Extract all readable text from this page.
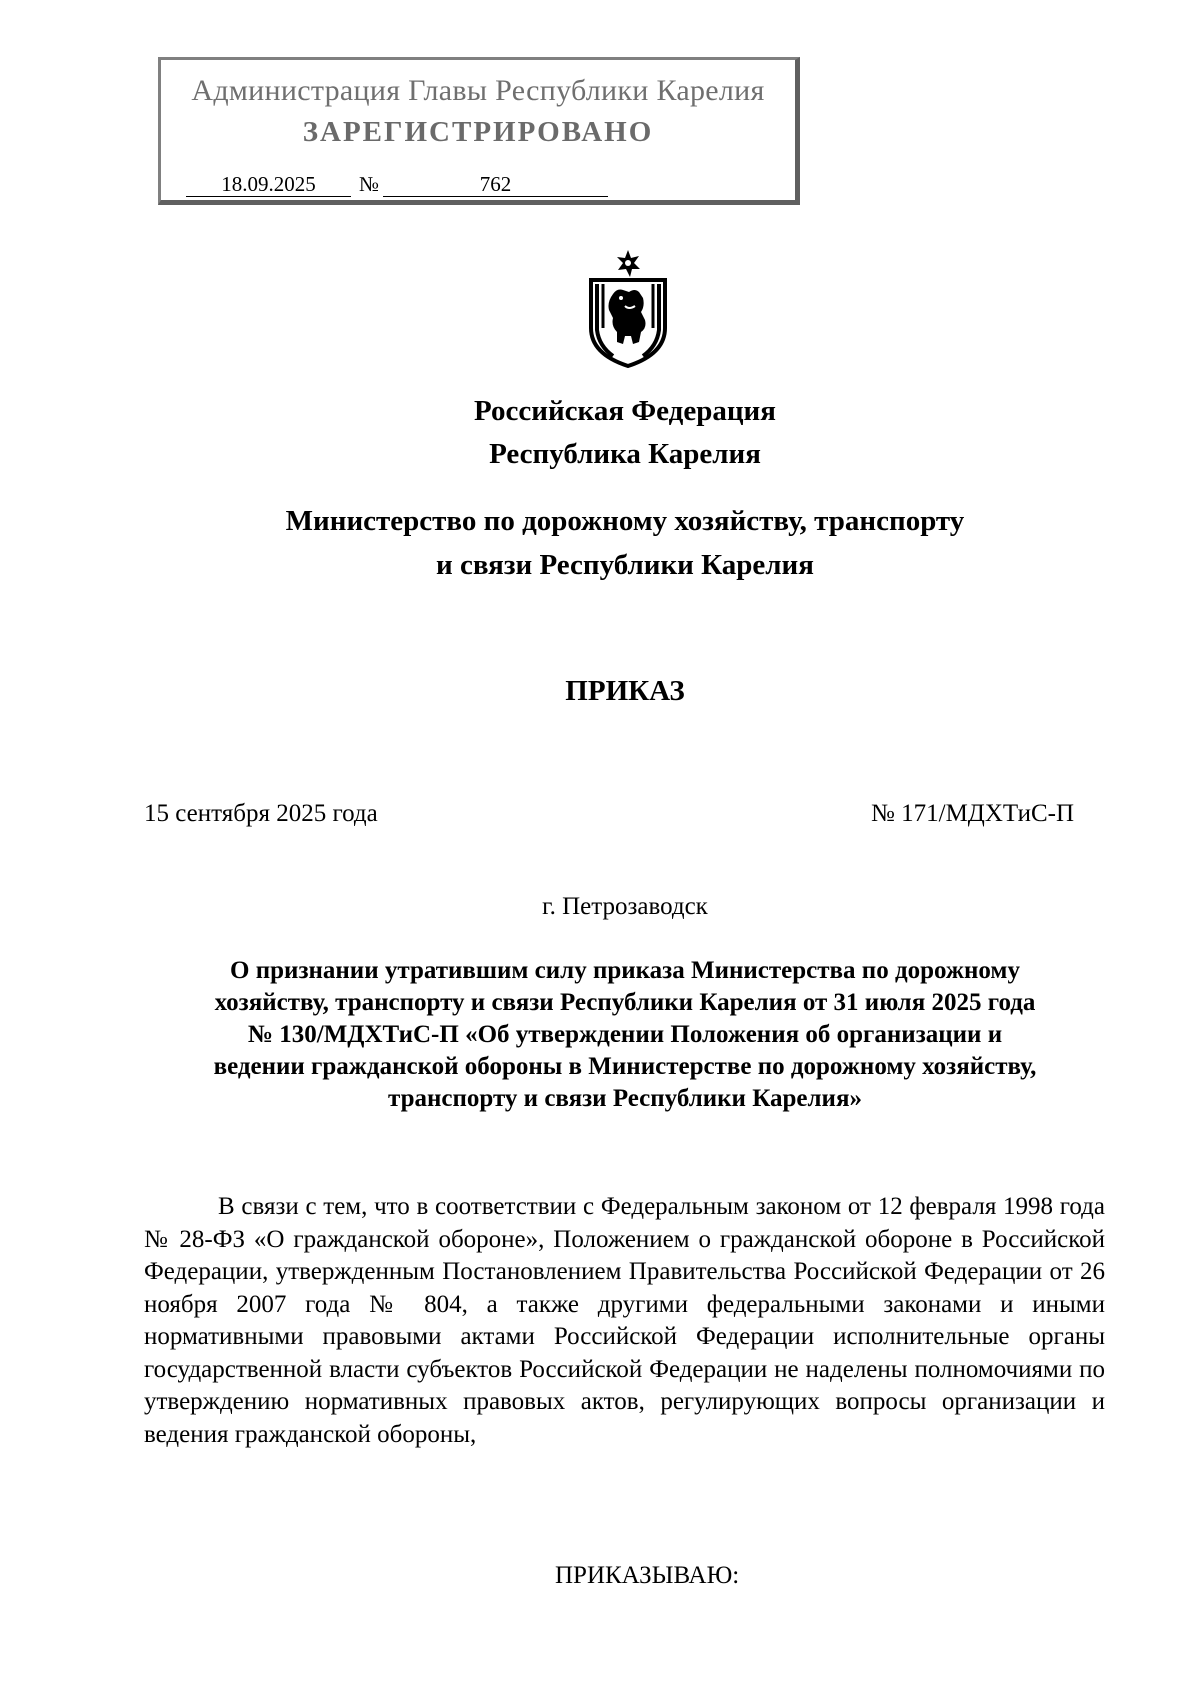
Администрация Главы Республики Карелия
ЗАРЕГИСТРИРОВАНО
18.09.2025	№	762
Российская Федерация
Республика Карелия
Министерство по дорожному хозяйству, транспорту
и связи Республики Карелия
ПРИКАЗ
15 сентября 2025 года	№ 171/МДХТиС-П
г. Петрозаводск
О признании утратившим силу приказа Министерства по дорожному
хозяйству, транспорту и связи Республики Карелия от 31 июля 2025 года
№ 130/МДХТиС-П «Об утверждении Положения об организации и
ведении гражданской обороны в Министерстве по дорожному хозяйству,
транспорту и связи Республики Карелия»
В связи с тем, что в соответствии с Федеральным законом от 12 февраля 1998 года № 28-ФЗ «О гражданской обороне», Положением о гражданской обороне в Российской Федерации, утвержденным Постановлением Правительства Российской Федерации от 26 ноября 2007 года № 804, а также другими федеральными законами и иными нормативными правовыми актами Российской Федерации исполнительные органы государственной власти субъектов Российской Федерации не наделены полномочиями по утверждению нормативных правовых актов, регулирующих вопросы организации и ведения гражданской обороны,
ПРИКАЗЫВАЮ:
